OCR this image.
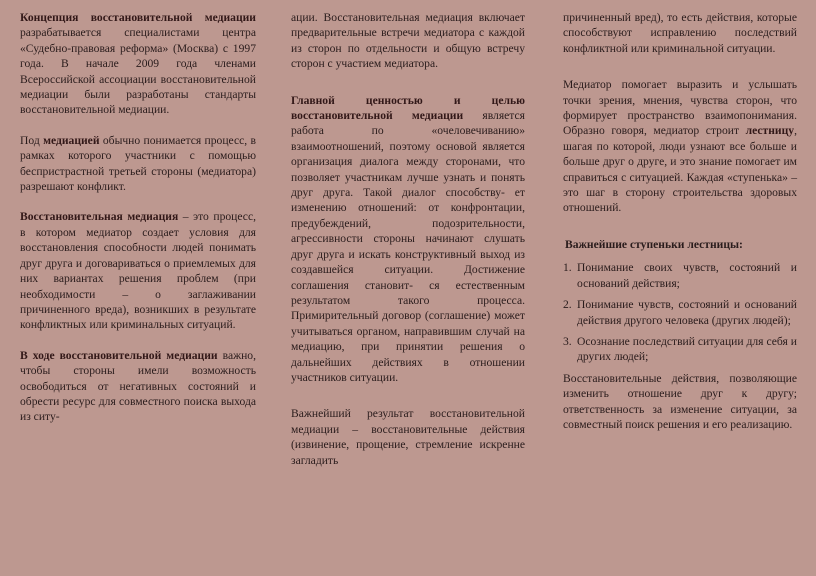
Концепция восстановительной медиации разрабатывается специалистами центра «Судебно-правовая реформа» (Москва) с 1997 года. В начале 2009 года членами Всероссийской ассоциации восстановительной медиации были разработаны стандарты восстановительной медиации.

Под медиацией обычно понимается процесс, в рамках которого участники с помощью беспристрастной третьей стороны (медиатора) разрешают конфликт.

Восстановительная медиация – это процесс, в котором медиатор создает условия для восстановления способности людей понимать друг друга и договариваться о приемлемых для них вариантах решения проблем (при необходимости – о заглаживании причиненного вреда), возникших в результате конфликтных или криминальных ситуаций.

В ходе восстановительной медиации важно, чтобы стороны имели возможность освободиться от негативных состояний и обрести ресурс для совместного поиска выхода из ситу-

ации. Восстановительная медиация включает предварительные встречи медиатора с каждой из сторон по отдельности и общую встречу сторон с участием медиатора.

Главной ценностью и целью восстановительной медиации является работа по «очеловечиванию» взаимоотношений, поэтому основой является организация диалога между сторонами, что позволяет участникам лучше узнать и понять друг друга. Такой диалог способству- ет изменению отношений: от конфронтации, предубеждений, подозрительности, агрессивности стороны начинают слушать друг друга и искать конструктивный выход из создавшейся ситуации. Достижение соглашения становит- ся естественным результатом такого процесса. Примирительный договор (соглашение) может учитываться органом, направившим случай на медиацию, при принятии решения о дальнейших действиях в отношении участников ситуации.

Важнейший результат восстановительной медиации – восстановительные действия (извинение, прощение, стремление искренне загладить

причиненный вред), то есть действия, которые способствуют исправлению последствий конфликтной или криминальной ситуации.

Медиатор помогает выразить и услышать точки зрения, мнения, чувства сторон, что формирует пространство взаимопонимания. Образно говоря, медиатор строит лестницу, шагая по которой, люди узнают все больше и больше друг о друге, и это знание помогает им справиться с ситуацией. Каждая «ступенька» – это шаг в сторону строительства здоровых отношений.

Важнейшие ступеньки лестницы:

1. Понимание своих чувств, состояний и оснований действия;
2. Понимание чувств, состояний и оснований действия другого человека (других людей);
3. Осознание последствий ситуации для себя и других людей;

Восстановительные действия, позволяющие изменить отношение друг к другу; ответственность за изменение ситуации, за совместный поиск решения и его реализацию.
